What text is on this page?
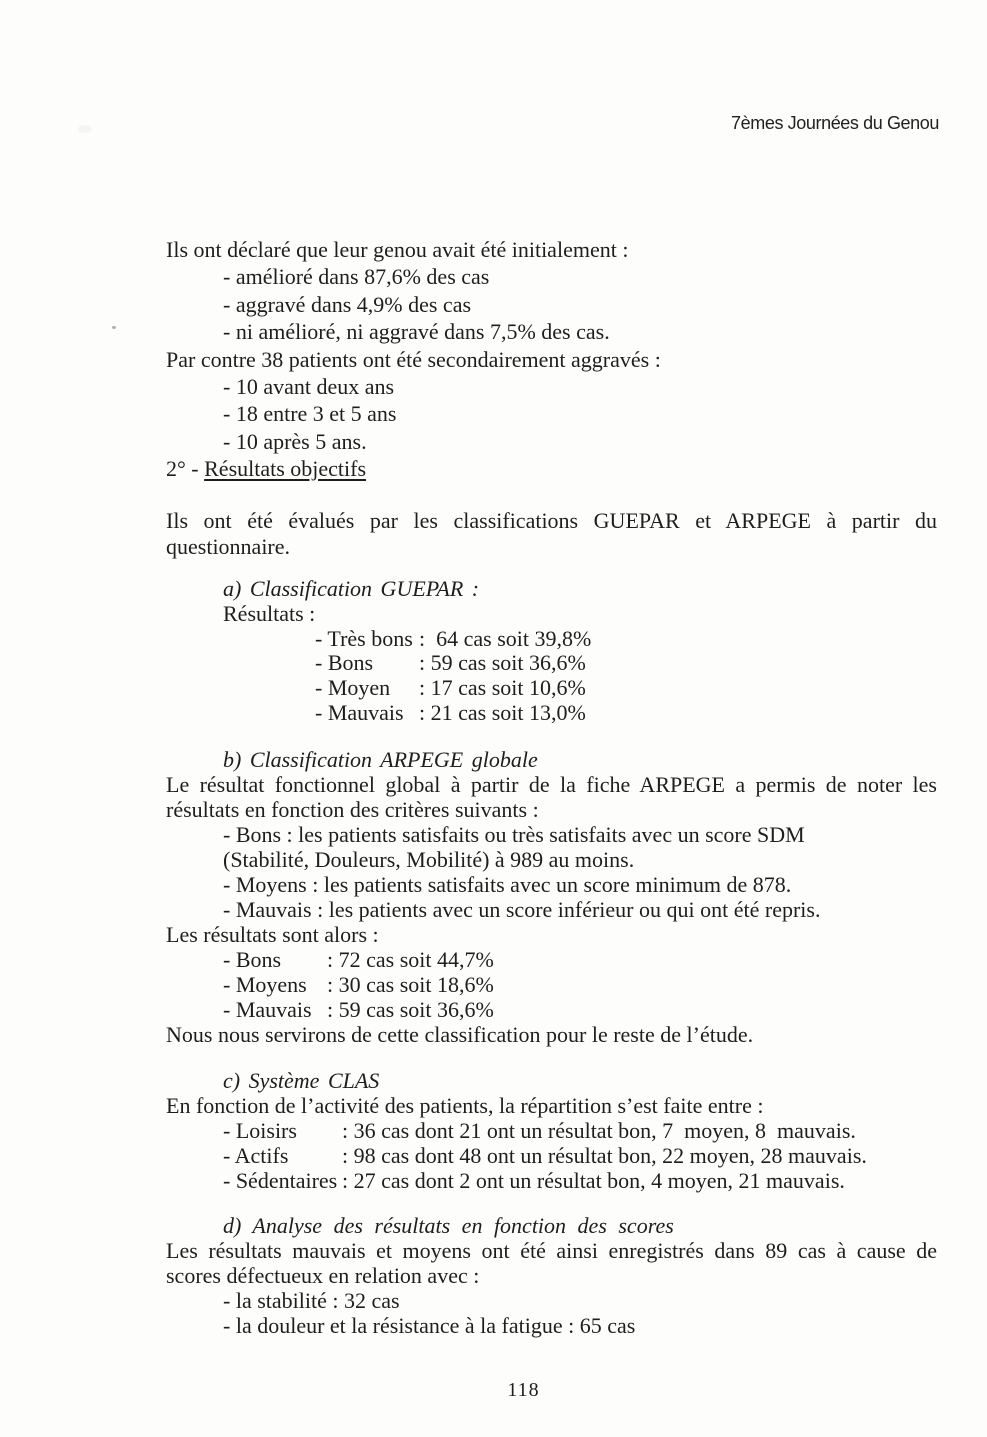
7èmes Journées du Genou
Ils ont déclaré que leur genou avait été initialement :
- amélioré dans 87,6% des cas
- aggravé dans 4,9% des cas
- ni amélioré, ni aggravé dans 7,5% des cas.
Par contre 38 patients ont été secondairement aggravés :
- 10 avant deux ans
- 18 entre 3 et 5 ans
- 10 après 5 ans.
2° - Résultats objectifs
Ils ont été évalués par les classifications GUEPAR et ARPEGE à partir du
questionnaire.
a) Classification GUEPAR :
Résultats :
- Très bons :  64 cas soit 39,8%
- Bons : 59 cas soit 36,6%
- Moyen : 17 cas soit 10,6%
- Mauvais : 21 cas soit 13,0%
b) Classification ARPEGE globale
Le résultat fonctionnel global à partir de la fiche ARPEGE a permis de noter les
résultats en fonction des critères suivants :
- Bons : les patients satisfaits ou très satisfaits avec un score SDM
(Stabilité, Douleurs, Mobilité) à 989 au moins.
- Moyens : les patients satisfaits avec un score minimum de 878.
- Mauvais : les patients avec un score inférieur ou qui ont été repris.
Les résultats sont alors :
- Bons : 72 cas soit 44,7%
- Moyens : 30 cas soit 18,6%
- Mauvais : 59 cas soit 36,6%
Nous nous servirons de cette classification pour le reste de l’étude.
c) Système CLAS
En fonction de l’activité des patients, la répartition s’est faite entre :
- Loisirs : 36 cas dont 21 ont un résultat bon, 7  moyen, 8  mauvais.
- Actifs : 98 cas dont 48 ont un résultat bon, 22 moyen, 28 mauvais.
- Sédentaires : 27 cas dont 2 ont un résultat bon, 4 moyen, 21 mauvais.
d) Analyse des résultats en fonction des scores
Les résultats mauvais et moyens ont été ainsi enregistrés dans 89 cas à cause de
scores défectueux en relation avec :
- la stabilité : 32 cas
- la douleur et la résistance à la fatigue : 65 cas
118
